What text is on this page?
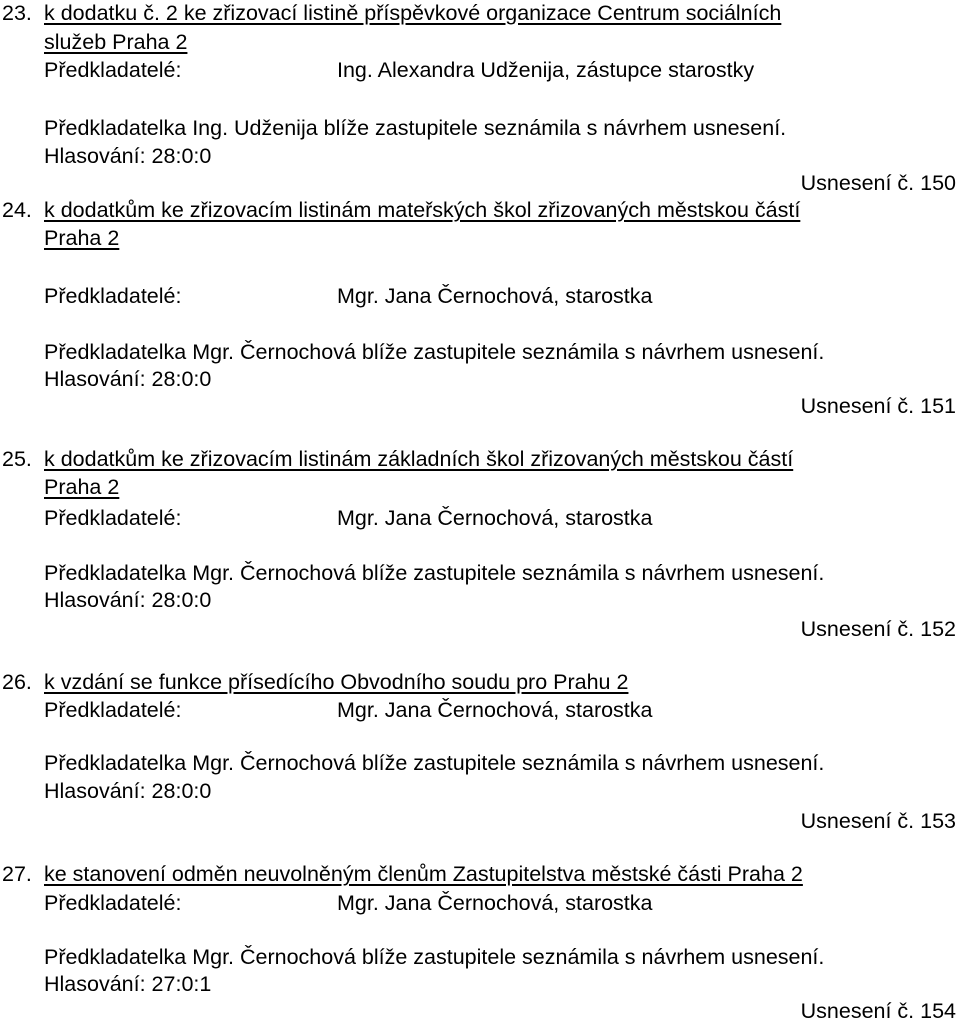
23. k dodatku č. 2 ke zřizovací listině příspěvkové organizace Centrum sociálních
služeb Praha 2
Předkladatelé:	Ing. Alexandra Udženija, zástupce starostky
Předkladatelka Ing. Udženija blíže zastupitele seznámila s návrhem usnesení.
Hlasování: 28:0:0
Usnesení č. 150
24. k dodatkům ke zřizovacím listinám mateřských škol zřizovaných městskou částí
Praha 2
Předkladatelé:	Mgr. Jana Černochová, starostka
Předkladatelka Mgr. Černochová blíže zastupitele seznámila s návrhem usnesení.
Hlasování: 28:0:0
Usnesení č. 151
25. k dodatkům ke zřizovacím listinám základních škol zřizovaných městskou částí
Praha 2
Předkladatelé:	Mgr. Jana Černochová, starostka
Předkladatelka Mgr. Černochová blíže zastupitele seznámila s návrhem usnesení.
Hlasování: 28:0:0
Usnesení č. 152
26. k vzdání se funkce přísedícího Obvodního soudu pro Prahu 2
Předkladatelé:	Mgr. Jana Černochová, starostka
Předkladatelka Mgr. Černochová blíže zastupitele seznámila s návrhem usnesení.
Hlasování: 28:0:0
Usnesení č. 153
27. ke stanovení odměn neuvolněným členům Zastupitelstva městské části Praha 2
Předkladatelé:	Mgr. Jana Černochová, starostka
Předkladatelka Mgr. Černochová blíže zastupitele seznámila s návrhem usnesení.
Hlasování: 27:0:1
Usnesení č. 154
